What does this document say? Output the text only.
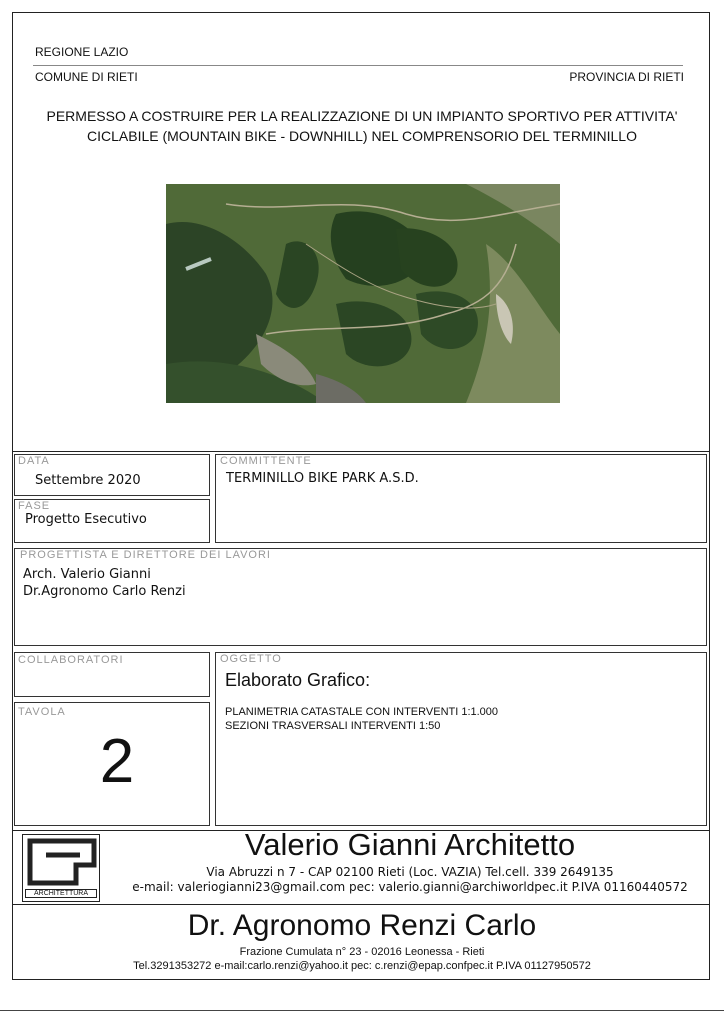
REGIONE LAZIO
COMUNE DI RIETI	PROVINCIA DI RIETI
PERMESSO A COSTRUIRE PER LA REALIZZAZIONE DI UN IMPIANTO SPORTIVO PER ATTIVITA'
CICLABILE (MOUNTAIN BIKE - DOWNHILL) NEL COMPRENSORIO DEL TERMINILLO
DATA
Settembre 2020
FASE
Progetto Esecutivo
COMMITTENTE
TERMINILLO BIKE PARK A.S.D.
PROGETTISTA E DIRETTORE DEI LAVORI
Arch. Valerio Gianni
Dr.Agronomo Carlo Renzi
COLLABORATORI
TAVOLA
2
OGGETTO
Elaborato Grafico:
PLANIMETRIA CATASTALE CON INTERVENTI 1:1.000
SEZIONI TRASVERSALI INTERVENTI 1:50
ARCHITETTURA
Valerio Gianni Architetto
Via Abruzzi n 7 - CAP 02100 Rieti (Loc. VAZIA) Tel.cell. 339 2649135
e-mail: valeriogianni23@gmail.com pec: valerio.gianni@archiworldpec.it P.IVA 01160440572
Dr. Agronomo Renzi Carlo
Frazione Cumulata n° 23 - 02016 Leonessa - Rieti
Tel.3291353272 e-mail:carlo.renzi@yahoo.it pec: c.renzi@epap.confpec.it P.IVA 01127950572
